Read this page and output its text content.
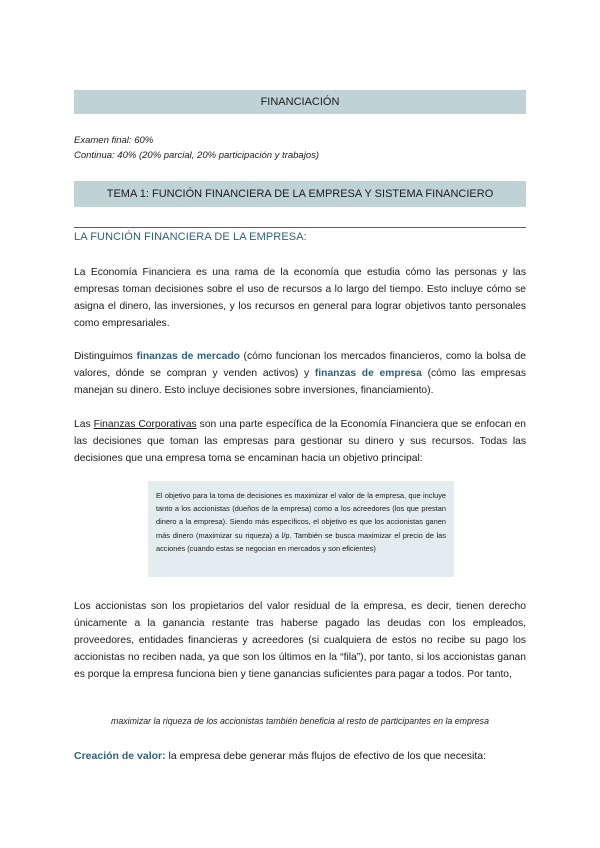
FINANCIACIÓN
Examen final: 60%
Continua: 40% (20% parcial, 20% participación y trabajos)
TEMA 1: FUNCIÓN FINANCIERA DE LA EMPRESA Y SISTEMA FINANCIERO
LA FUNCIÓN FINANCIERA DE LA EMPRESA:
La Economía Financiera es una rama de la economía que estudia cómo las personas y las empresas toman decisiones sobre el uso de recursos a lo largo del tiempo. Esto incluye cómo se asigna el dinero, las inversiones, y los recursos en general para lograr objetivos tanto personales como empresariales.
Distinguimos finanzas de mercado (cómo funcionan los mercados financieros, como la bolsa de valores, dónde se compran y venden activos) y finanzas de empresa (cómo las empresas manejan su dinero. Esto incluye decisiones sobre inversiones, financiamiento).
Las Finanzas Corporativas son una parte específica de la Economía Financiera que se enfocan en las decisiones que toman las empresas para gestionar su dinero y sus recursos. Todas las decisiones que una empresa toma se encaminan hacia un objetivo principal:
El objetivo para la toma de decisiones es maximizar el valor de la empresa, que incluye tanto a los accionistas (dueños de la empresa) como a los acreedores (los que prestan dinero a la empresa). Siendo más específicos, el objetivo es que los accionistas ganen más dinero (maximizar su riqueza) a l/p. También se busca maximizar el precio de las acciones (cuando estas se negocian en mercados y son eficientes)
Los accionistas son los propietarios del valor residual de la empresa, es decir, tienen derecho únicamente a la ganancia restante tras haberse pagado las deudas con los empleados, proveedores, entidades financieras y acreedores (si cualquiera de estos no recibe su pago los accionistas no reciben nada, ya que son los últimos en la “fila”), por tanto, si los accionistas ganan es porque la empresa funciona bien y tiene ganancias suficientes para pagar a todos. Por tanto,
maximizar la riqueza de los accionistas también beneficia al resto de participantes en la empresa
Creación de valor: la empresa debe generar más flujos de efectivo de los que necesita:
